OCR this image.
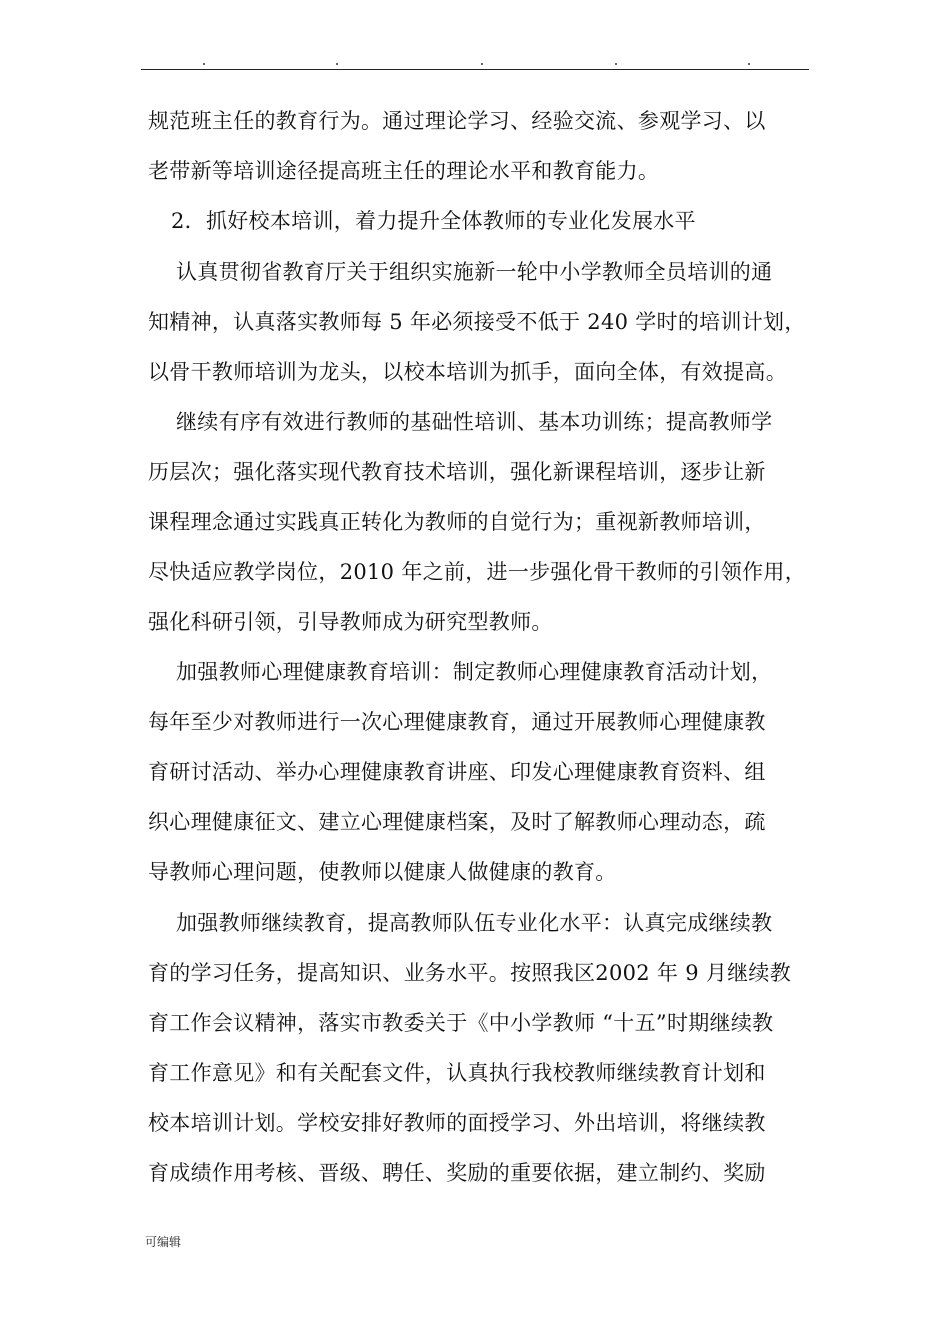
规范班主任的教育行为。通过理论学习、经验交流、参观学习、以
老带新等培训途径提高班主任的理论水平和教育能力。
2．抓好校本培训，着力提升全体教师的专业化发展水平
认真贯彻省教育厅关于组织实施新一轮中小学教师全员培训的通
知精神，认真落实教师每 5 年必须接受不低于 240 学时的培训计划，
以骨干教师培训为龙头，以校本培训为抓手，面向全体，有效提高。
继续有序有效进行教师的基础性培训、基本功训练；提高教师学
历层次；强化落实现代教育技术培训，强化新课程培训，逐步让新
课程理念通过实践真正转化为教师的自觉行为；重视新教师培训，
尽快适应教学岗位，2010 年之前，进一步强化骨干教师的引领作用，
强化科研引领，引导教师成为研究型教师。
加强教师心理健康教育培训：制定教师心理健康教育活动计划，
每年至少对教师进行一次心理健康教育，通过开展教师心理健康教
育研讨活动、举办心理健康教育讲座、印发心理健康教育资料、组
织心理健康征文、建立心理健康档案，及时了解教师心理动态，疏
导教师心理问题，使教师以健康人做健康的教育。
加强教师继续教育，提高教师队伍专业化水平：认真完成继续教
育的学习任务，提高知识、业务水平。按照我区2002 年 9 月继续教
育工作会议精神，落实市教委关于《中小学教师 “十五”时期继续教
育工作意见》和有关配套文件，认真执行我校教师继续教育计划和
校本培训计划。学校安排好教师的面授学习、外出培训，将继续教
育成绩作用考核、晋级、聘任、奖励的重要依据，建立制约、奖励
可编辑
